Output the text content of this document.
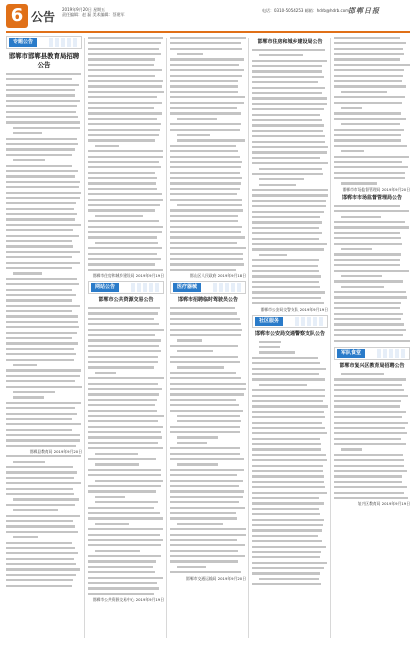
6 公告
2019年9月20日 星期五
责任编辑：赵 磊 美术编辑：蔡建军
电话：0310-5054253 邮箱：hdrb@hdrb.com
邯郸日报
专题公告
邯郸市邯郸县教育局招聘公告
邯郸县教育局 2019年9月20日
邯郸市住房和城乡建设局 2019年9月19日
网站公告
邯郸市公共资源交易公告
邯郸市公共资源交易中心 2019年9月19日
邯山区人民政府 2019年9月18日
医疗器械
邯郸市招聘临时驾驶员公告
邯郸市交通运输局 2019年9月20日
邯郸市住房和城乡建设局公告
邯郸市公安局交警支队 2019年9月19日
社区服务
邯郸市公安局交通警察支队公告
邯郸市市场监督管理局 2019年9月20日
邯郸市市场监督管理局公告
军队食堂
邯郸市复兴区教育局招聘公告
复兴区教育局 2019年9月19日
